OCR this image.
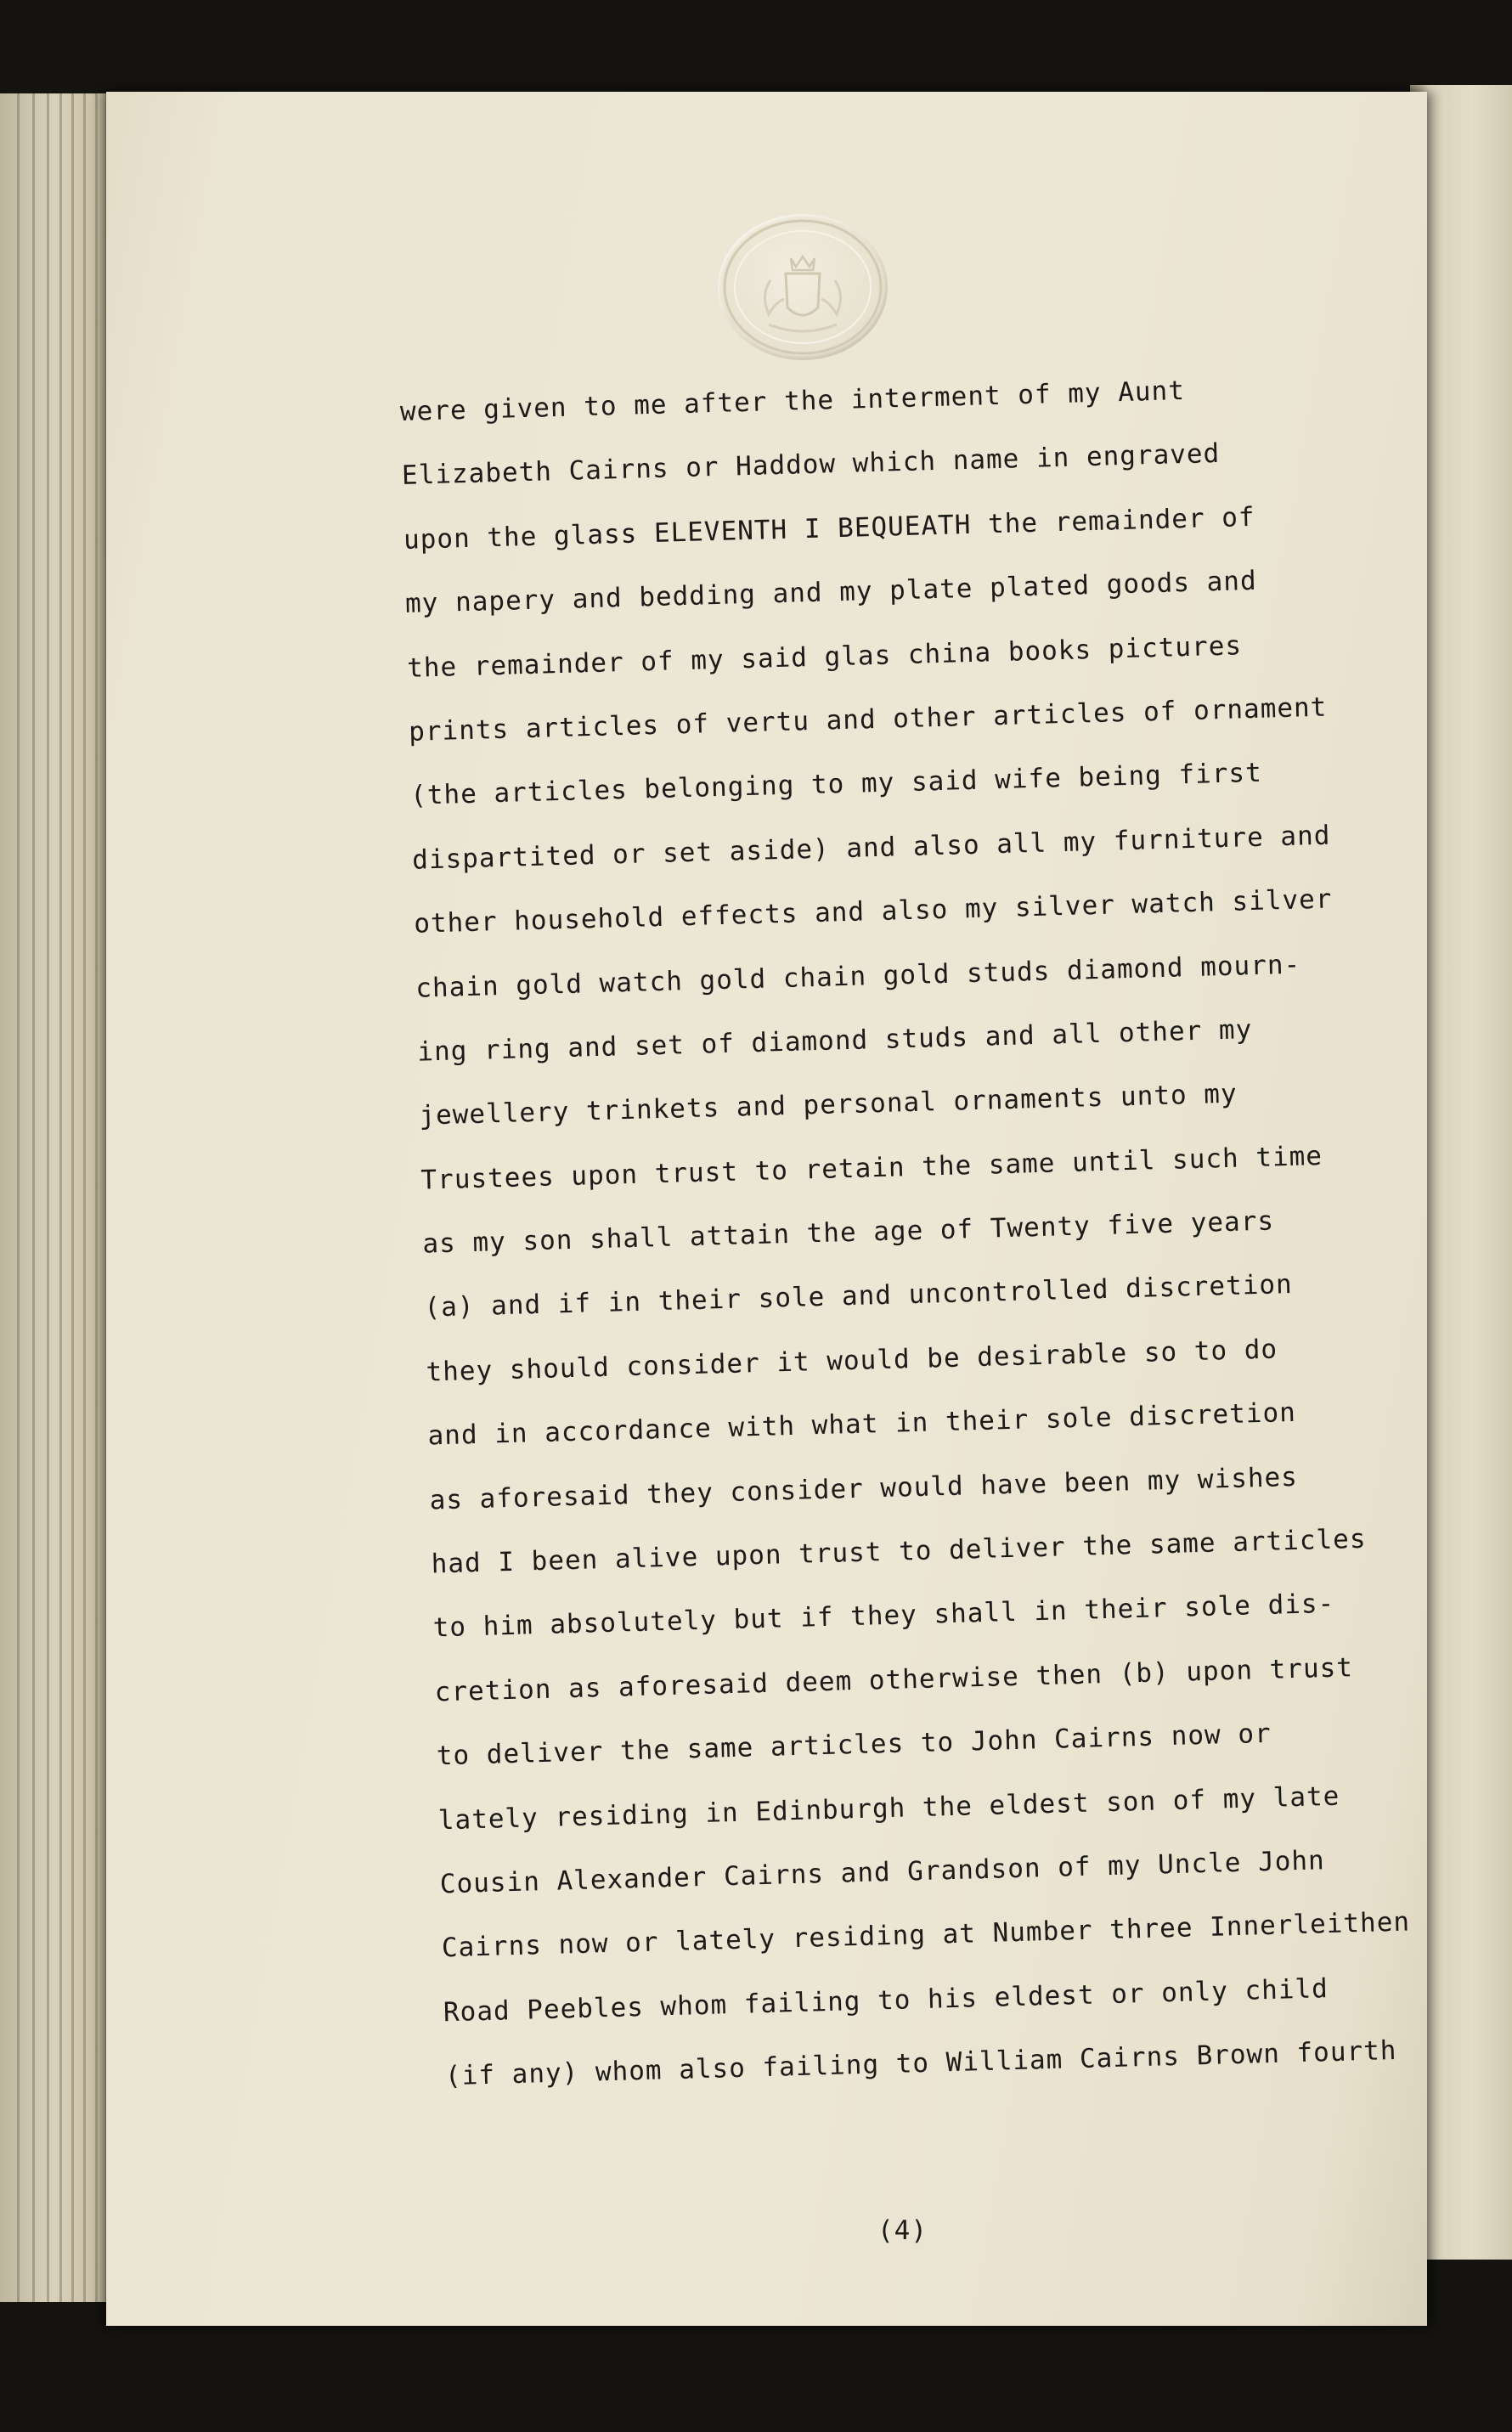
were given to me after the interment of my Aunt
Elizabeth Cairns or Haddow which name in engraved
upon the glass ELEVENTH I BEQUEATH the remainder of
my napery and bedding and my plate plated goods and
the remainder of my said glas china books pictures
prints articles of vertu and other articles of ornament
(the articles belonging to my said wife being first
dispartited or set aside) and also all my furniture and
other household effects and also my silver watch silver
chain gold watch gold chain gold studs diamond mourn-
ing ring and set of diamond studs and all other my
jewellery trinkets and personal ornaments unto my
Trustees upon trust to retain the same until such time
as my son shall attain the age of Twenty five years
(a) and if in their sole and uncontrolled discretion
they should consider it would be desirable so to do
and in accordance with what in their sole discretion
as aforesaid they consider would have been my wishes
had I been alive upon trust to deliver the same articles
to him absolutely but if they shall in their sole dis-
cretion as aforesaid deem otherwise then (b) upon trust
to deliver the same articles to John Cairns now or
lately residing in Edinburgh the eldest son of my late
Cousin Alexander Cairns and Grandson of my Uncle John
Cairns now or lately residing at Number three Innerleithen
Road Peebles whom failing to his eldest or only child
(if any) whom also failing to William Cairns Brown fourth
(4)
